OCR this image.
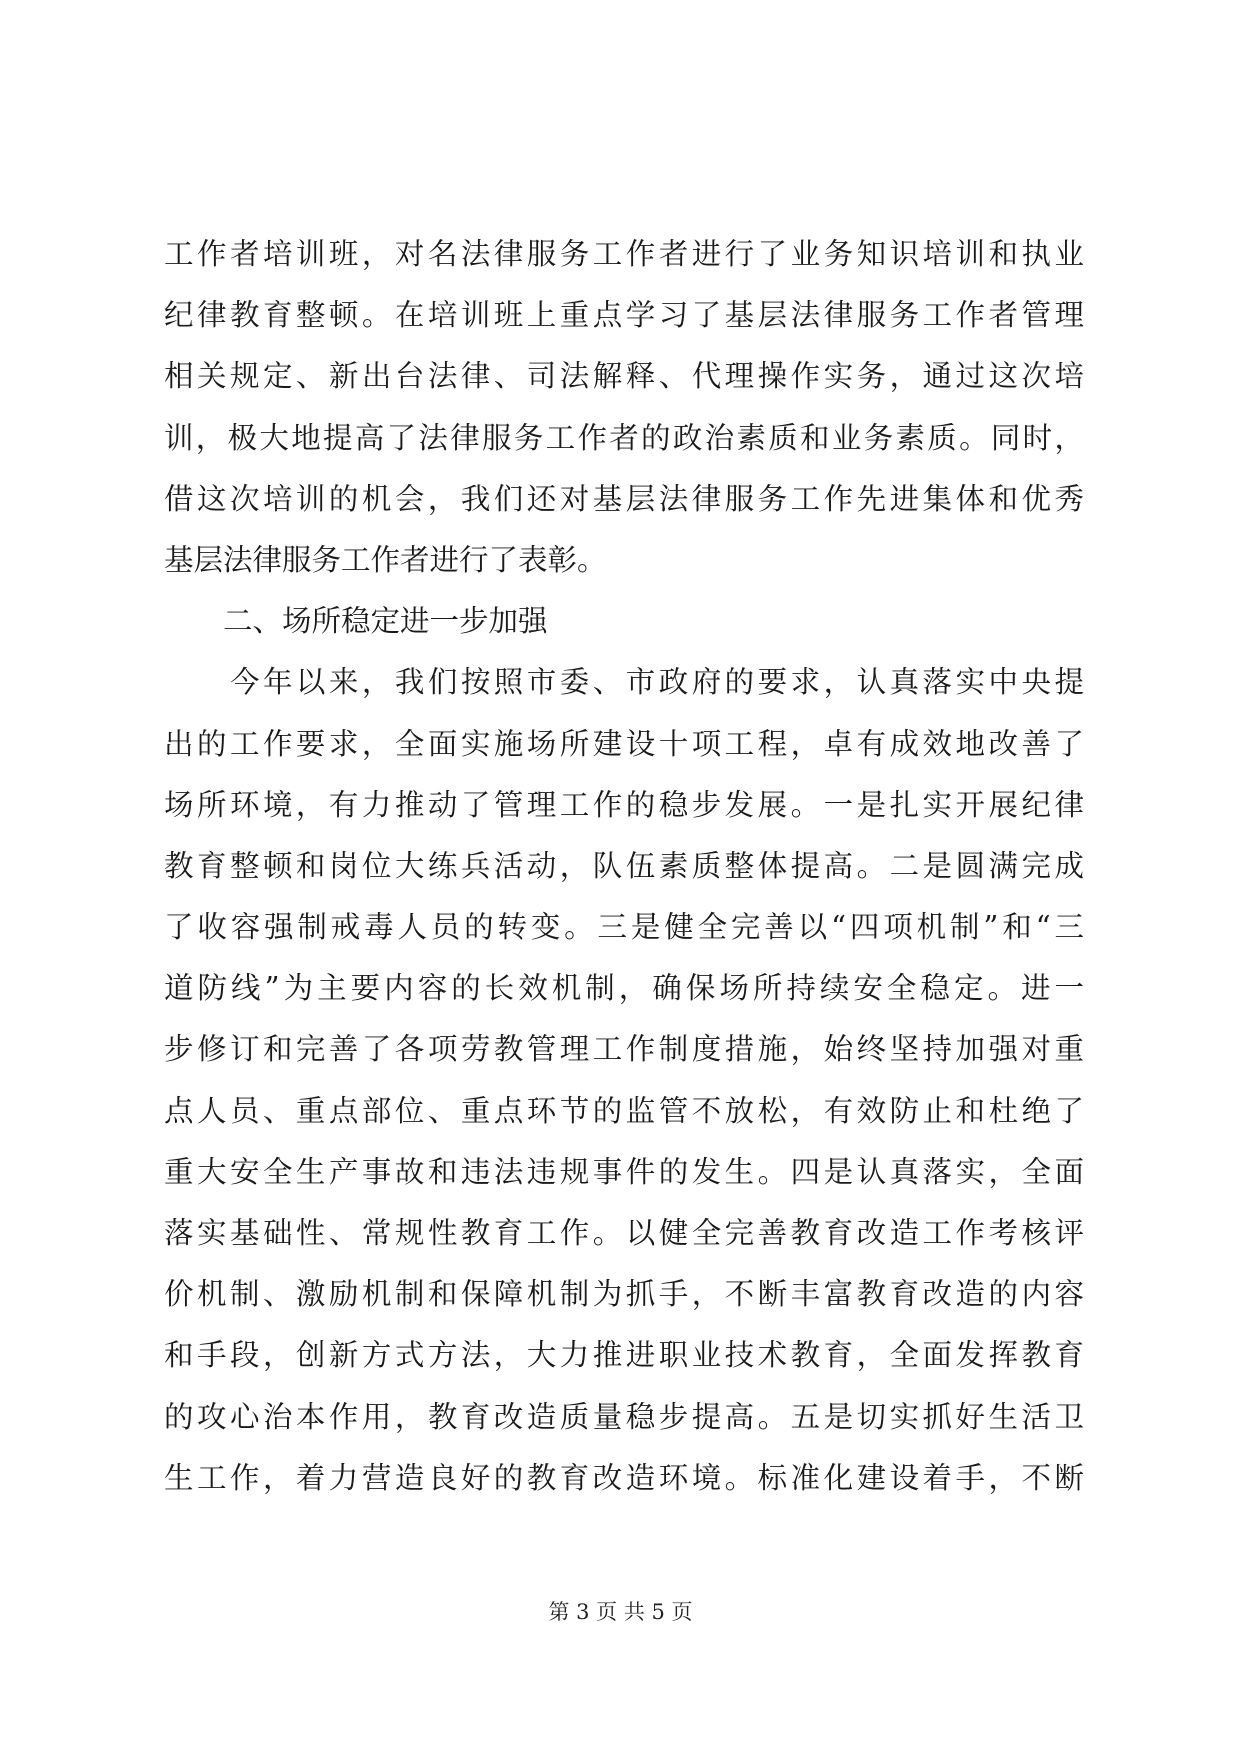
工作者培训班，对名法律服务工作者进行了业务知识培训和执业
纪律教育整顿。在培训班上重点学习了基层法律服务工作者管理
相关规定、新出台法律、司法解释、代理操作实务，通过这次培
训，极大地提高了法律服务工作者的政治素质和业务素质。同时，
借这次培训的机会，我们还对基层法律服务工作先进集体和优秀
基层法律服务工作者进行了表彰。
　　二、场所稳定进一步加强
　　今年以来，我们按照市委、市政府的要求，认真落实中央提
出的工作要求，全面实施场所建设十项工程，卓有成效地改善了
场所环境，有力推动了管理工作的稳步发展。一是扎实开展纪律
教育整顿和岗位大练兵活动，队伍素质整体提高。二是圆满完成
了收容强制戒毒人员的转变。三是健全完善以“四项机制”和“三
道防线”为主要内容的长效机制，确保场所持续安全稳定。进一
步修订和完善了各项劳教管理工作制度措施，始终坚持加强对重
点人员、重点部位、重点环节的监管不放松，有效防止和杜绝了
重大安全生产事故和违法违规事件的发生。四是认真落实，全面
落实基础性、常规性教育工作。以健全完善教育改造工作考核评
价机制、激励机制和保障机制为抓手，不断丰富教育改造的内容
和手段，创新方式方法，大力推进职业技术教育，全面发挥教育
的攻心治本作用，教育改造质量稳步提高。五是切实抓好生活卫
生工作，着力营造良好的教育改造环境。标准化建设着手，不断
第 3 页 共 5 页
